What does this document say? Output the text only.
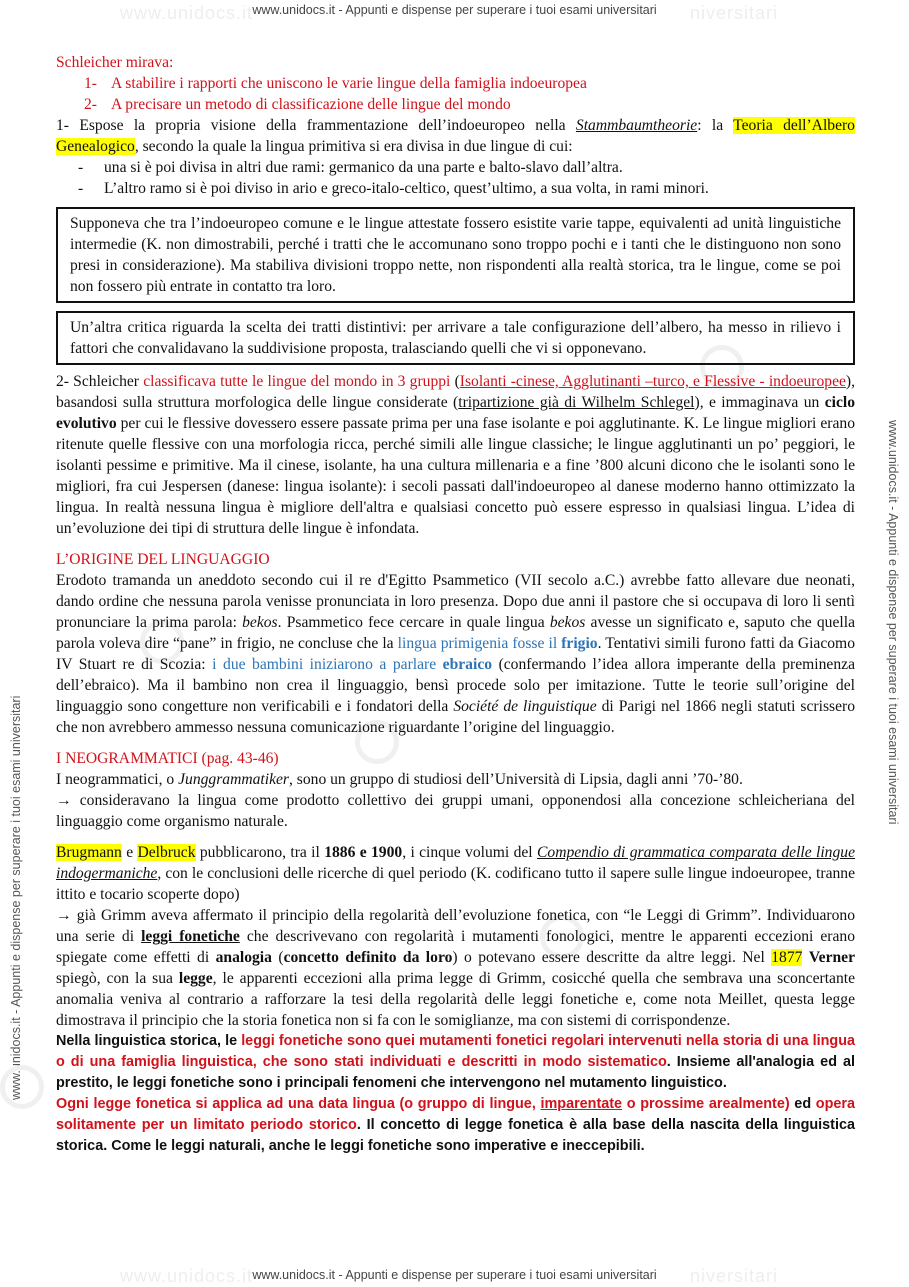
www.unidocs.it	niversitari
www.unidocs.it - Appunti e dispense per superare i tuoi esami universitari
www.unidocs.it	niversitari
www.unidocs.it - Appunti e dispense per superare i tuoi esami universitari
www.unidocs.it - Appunti e dispense per superare i tuoi esami universitari
www.unidocs.it - Appunti e dispense per superare i tuoi esami universitari

Schleicher mirava:

1- A stabilire i rapporti che uniscono le varie lingue della famiglia indoeuropea

2- A precisare un metodo di classificazione delle lingue del mondo

1- Espose la propria visione della frammentazione dell’indoeuropeo nella Stammbaumtheorie: la Teoria dell’Albero Genealogico, secondo la quale la lingua primitiva si era divisa in due lingue di cui:

- una si è poi divisa in altri due rami: germanico da una parte e balto-slavo dall’altra.

- L’altro ramo si è poi diviso in ario e greco-italo-celtico, quest’ultimo, a sua volta, in rami minori.

Supponeva che tra l’indoeuropeo comune e le lingue attestate fossero esistite varie tappe, equivalenti ad unità linguistiche intermedie (K. non dimostrabili, perché i tratti che le accomunano sono troppo pochi e i tanti che le distinguono non sono presi in considerazione). Ma stabiliva divisioni troppo nette, non rispondenti alla realtà storica, tra le lingue, come se poi non fossero più entrate in contatto tra loro.
Un’altra critica riguarda la scelta dei tratti distintivi: per arrivare a tale configurazione dell’albero, ha messo in rilievo i fattori che convalidavano la suddivisione proposta, tralasciando quelli che vi si opponevano.

2- Schleicher classificava tutte le lingue del mondo in 3 gruppi (Isolanti -cinese, Agglutinanti –turco, e Flessive - indoeuropee), basandosi sulla struttura morfologica delle lingue considerate (tripartizione già di Wilhelm Schlegel), e immaginava un ciclo evolutivo per cui le flessive dovessero essere passate prima per una fase isolante e poi agglutinante. K. Le lingue migliori erano ritenute quelle flessive con una morfologia ricca, perché simili alle lingue classiche; le lingue agglutinanti un po’ peggiori, le isolanti pessime e primitive. Ma il cinese, isolante, ha una cultura millenaria e a fine ’800 alcuni dicono che le isolanti sono le migliori, fra cui Jespersen (danese: lingua isolante): i secoli passati dall'indoeuropeo al danese moderno hanno ottimizzato la lingua. In realtà nessuna lingua è migliore dell'altra e qualsiasi concetto può essere espresso in qualsiasi lingua. L’idea di un’evoluzione dei tipi di struttura delle lingue è infondata.

L’ORIGINE DEL LINGUAGGIO

Erodoto tramanda un aneddoto secondo cui il re d'Egitto Psammetico (VII secolo a.C.) avrebbe fatto allevare due neonati, dando ordine che nessuna parola venisse pronunciata in loro presenza. Dopo due anni il pastore che si occupava di loro li sentì pronunciare la prima parola: bekos. Psammetico fece cercare in quale lingua bekos avesse un significato e, saputo che quella parola voleva dire “pane” in frigio, ne concluse che la lingua primigenia fosse il frigio. Tentativi simili furono fatti da Giacomo IV Stuart re di Scozia: i due bambini iniziarono a parlare ebraico (confermando l’idea allora imperante della preminenza dell’ebraico). Ma il bambino non crea il linguaggio, bensì procede solo per imitazione. Tutte le teorie sull’origine del linguaggio sono congetture non verificabili e i fondatori della Société de linguistique di Parigi nel 1866 negli statuti scrissero che non avrebbero ammesso nessuna comunicazione riguardante l’origine del linguaggio.

I NEOGRAMMATICI (pag. 43-46)

I neogrammatici, o Junggrammatiker, sono un gruppo di studiosi dell’Università di Lipsia, dagli anni ’70-’80.

→ consideravano la lingua come prodotto collettivo dei gruppi umani, opponendosi alla concezione schleicheriana del linguaggio come organismo naturale.

Brugmann e Delbruck pubblicarono, tra il 1886 e 1900, i cinque volumi del Compendio di grammatica comparata delle lingue indogermaniche, con le conclusioni delle ricerche di quel periodo (K. codificano tutto il sapere sulle lingue indoeuropee, tranne ittito e tocario scoperte dopo)

→ già Grimm aveva affermato il principio della regolarità dell’evoluzione fonetica, con “le Leggi di Grimm”. Individuarono una serie di leggi fonetiche che descrivevano con regolarità i mutamenti fonologici, mentre le apparenti eccezioni erano spiegate come effetti di analogia (concetto definito da loro) o potevano essere descritte da altre leggi. Nel 1877 Verner spiegò, con la sua legge, le apparenti eccezioni alla prima legge di Grimm, cosicché quella che sembrava una sconcertante anomalia veniva al contrario a rafforzare la tesi della regolarità delle leggi fonetiche e, come nota Meillet, questa legge dimostrava il principio che la storia fonetica non si fa con le somiglianze, ma con sistemi di corrispondenze.

Nella linguistica storica, le leggi fonetiche sono quei mutamenti fonetici regolari intervenuti nella storia di una lingua o di una famiglia linguistica, che sono stati individuati e descritti in modo sistematico. Insieme all'analogia ed al prestito, le leggi fonetiche sono i principali fenomeni che intervengono nel mutamento linguistico.

Ogni legge fonetica si applica ad una data lingua (o gruppo di lingue, imparentate o prossime arealmente) ed opera solitamente per un limitato periodo storico. Il concetto di legge fonetica è alla base della nascita della linguistica storica. Come le leggi naturali, anche le leggi fonetiche sono imperative e ineccepibili.
